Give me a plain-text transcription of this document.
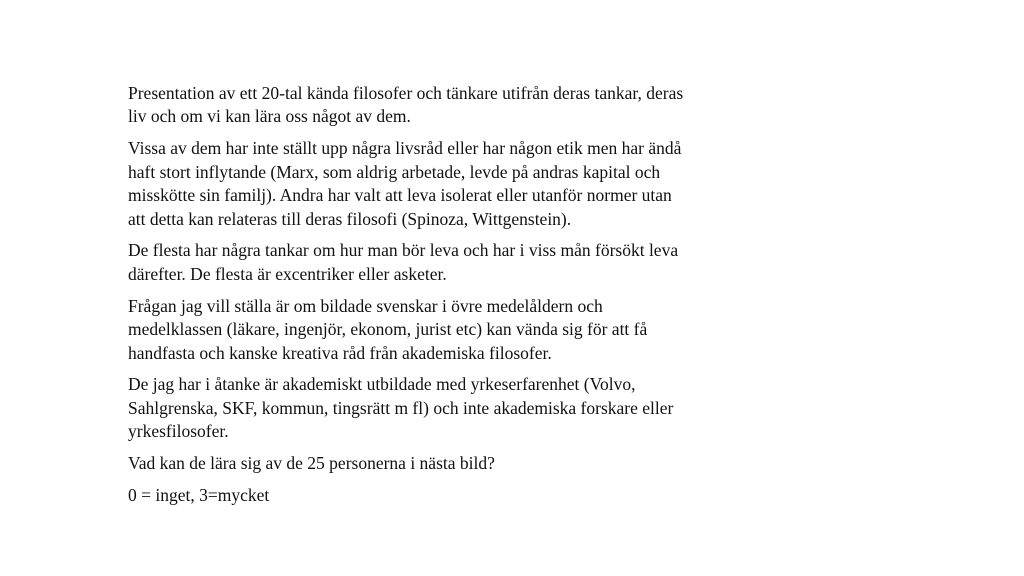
Presentation av ett 20-tal kända filosofer och tänkare utifrån deras tankar, deras
liv och om vi kan lära oss något av dem.

Vissa av dem har inte ställt upp några livsråd eller har någon etik men har ändå
haft stort inflytande (Marx, som aldrig arbetade, levde på andras kapital och
misskötte sin familj). Andra har valt att leva isolerat eller utanför normer utan
att detta kan relateras till deras filosofi (Spinoza, Wittgenstein).

De flesta har några tankar om hur man bör leva och har i viss mån försökt leva
därefter. De flesta är excentriker eller asketer.

Frågan jag vill ställa är om bildade svenskar i övre medelåldern och
medelklassen (läkare, ingenjör, ekonom, jurist etc) kan vända sig för att få
handfasta och kanske kreativa råd från akademiska filosofer.

De jag har i åtanke är akademiskt utbildade med yrkeserfarenhet (Volvo,
Sahlgrenska, SKF, kommun, tingsrätt m fl) och inte akademiska forskare eller
yrkesfilosofer.

Vad kan de lära sig av de 25 personerna i nästa bild?

0 = inget, 3=mycket
